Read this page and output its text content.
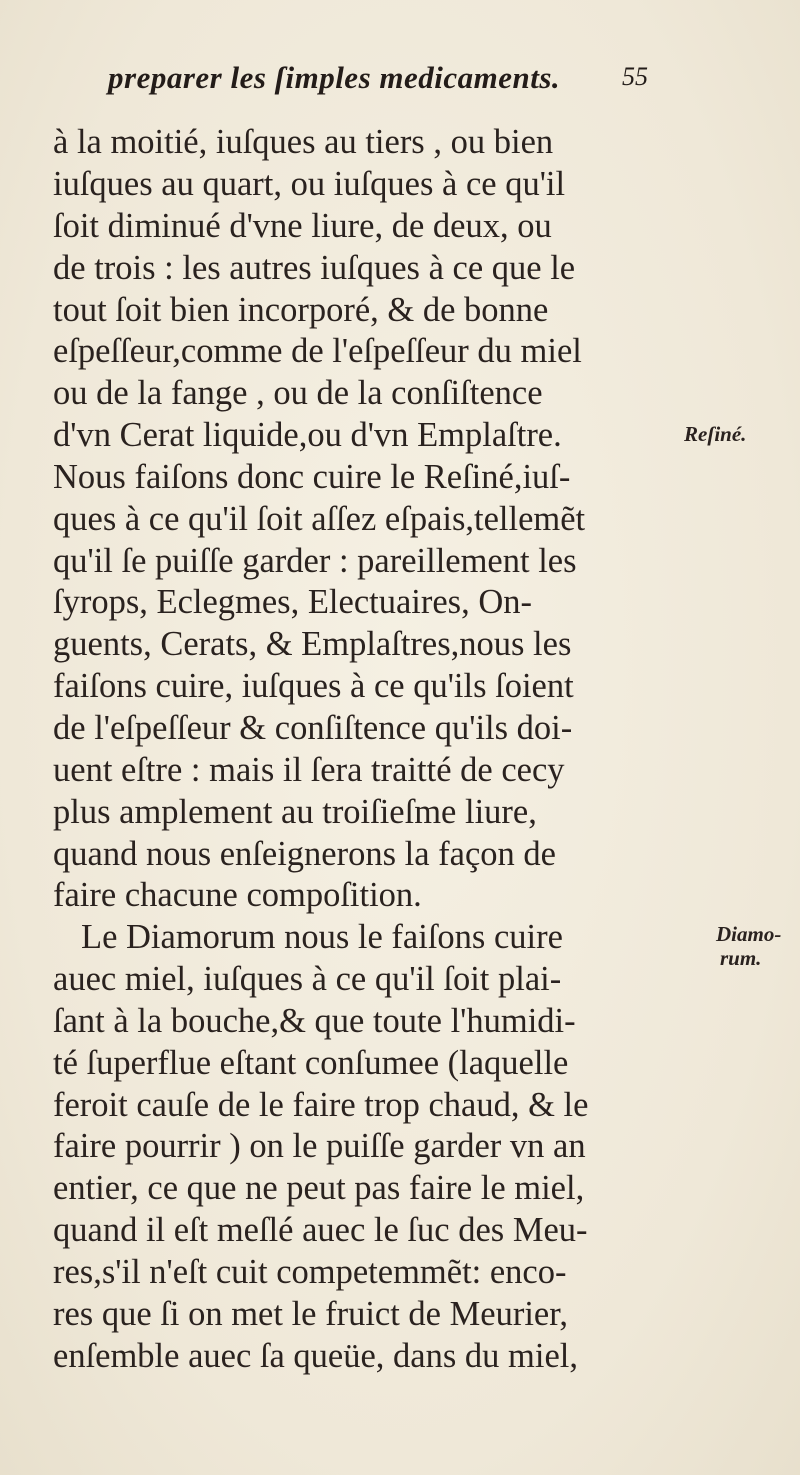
preparer les ſimples medicaments. 55
à la moitié, iuſques au tiers , ou bien
iuſques au quart, ou iuſques à ce qu'il
ſoit diminué d'vne liure, de deux, ou
de trois : les autres iuſques à ce que le
tout ſoit bien incorporé, & de bonne
eſpeſſeur,comme de l'eſpeſſeur du miel
ou de la fange , ou de la conſiſtence
d'vn Cerat liquide,ou d'vn Emplaſtre.
Nous faiſons donc cuire le Reſiné,iuſ-
ques à ce qu'il ſoit aſſez eſpais,tellemẽt
qu'il ſe puiſſe garder : pareillement les
ſyrops, Eclegmes, Electuaires, On-
guents, Cerats, & Emplaſtres,nous les
faiſons cuire, iuſques à ce qu'ils ſoient
de l'eſpeſſeur & conſiſtence qu'ils doi-
uent eſtre : mais il ſera traitté de cecy
plus amplement au troiſieſme liure,
quand nous enſeignerons la façon de
faire chacune compoſition.
Le Diamorum nous le faiſons cuire
auec miel, iuſques à ce qu'il ſoit plai-
ſant à la bouche,& que toute l'humidi-
té ſuperflue eſtant conſumee (laquelle
feroit cauſe de le faire trop chaud, & le
faire pourrir ) on le puiſſe garder vn an
entier, ce que ne peut pas faire le miel,
quand il eſt meſlé auec le ſuc des Meu-
res,s'il n'eſt cuit competemmẽt: enco-
res que ſi on met le fruict de Meurier,
enſemble auec ſa queüe, dans du miel,
Reſiné.
Diamo-
rum.
